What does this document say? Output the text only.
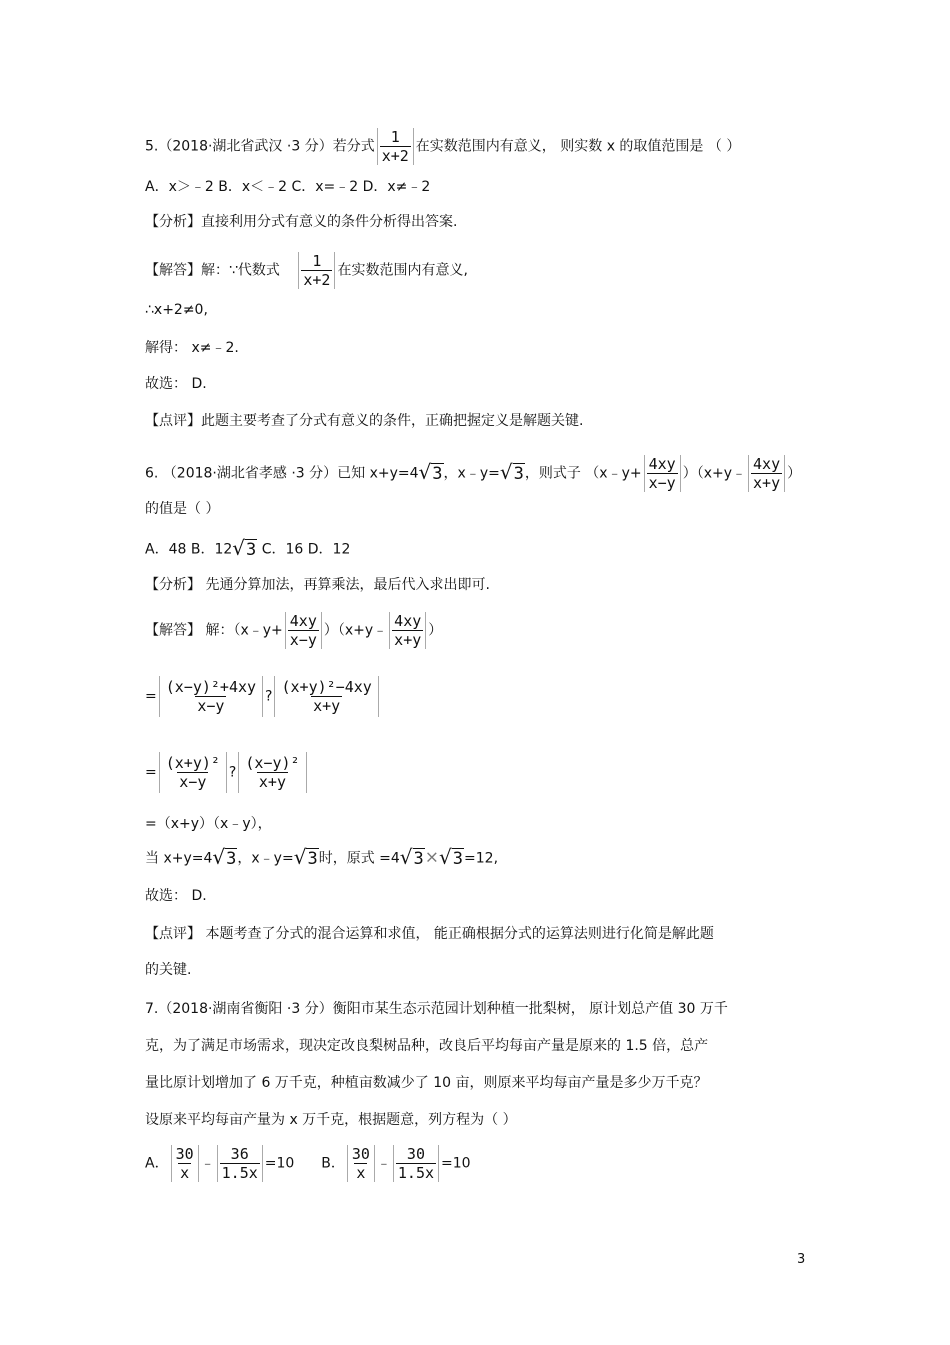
5.（2018·湖北省武汉 ·3 分）若分式 $\frac{1}{x+2}$ 在实数范围内有意义， 则实数 x 的取值范围是 （ ）
A．x＞﹣2 B．x＜﹣2 C．x=﹣2 D．x≠﹣2
【分析】直接利用分式有意义的条件分析得出答案.
【解答】解：∵代数式 $\frac{1}{x+2}$ 在实数范围内有意义,
∴x+2≠0,
解得： x≠﹣2.
故选： D.
【点评】此题主要考查了分式有意义的条件，正确把握定义是解题关键.
6. （2018·湖北省孝感 ·3 分）已知 x+y=4√3，x﹣y=√3，则式子 （x﹣y+ $\frac{4xy}{x-y}$ ）（x+y﹣ $\frac{4xy}{x+y}$ ）
的值是（ ）
A．48 B．12√3 C．16 D．12
【分析】 先通分算加法，再算乘法，最后代入求出即可.
【解答】 解：（x﹣y+ $\frac{4xy}{x-y}$ ）（x+y﹣ $\frac{4xy}{x+y}$ ）
= $\frac{\text{(x−y)²+4xy}}{x-y}$ ? $\frac{\text{(x+y)²−4xy}}{x+y}$
= $\frac{\text{(x+y)²}}{x-y}$ ? $\frac{\text{(x−y)²}}{x+y}$
=（x+y）（x﹣y），
当 x+y=4√3，x﹣y=√3时，原式 =4√3×√3=12,
故选： D.
【点评】 本题考查了分式的混合运算和求值， 能正确根据分式的运算法则进行化简是解此题
的关键.
7.（2018·湖南省衡阳 ·3 分）衡阳市某生态示范园计划种植一批梨树， 原计划总产值 30 万千
克，为了满足市场需求，现决定改良梨树品种，改良后平均每亩产量是原来的 1.5 倍，总产
量比原计划增加了 6 万千克，种植亩数减少了 10 亩，则原来平均每亩产量是多少万千克？
设原来平均每亩产量为 x 万千克，根据题意，列方程为（ ）
A． $\frac{30}{x}$ ﹣ $\frac{36}{1.5x} =10$ B． $\frac{30}{x}$ ﹣ $\frac{30}{1.5x} =10$
3
